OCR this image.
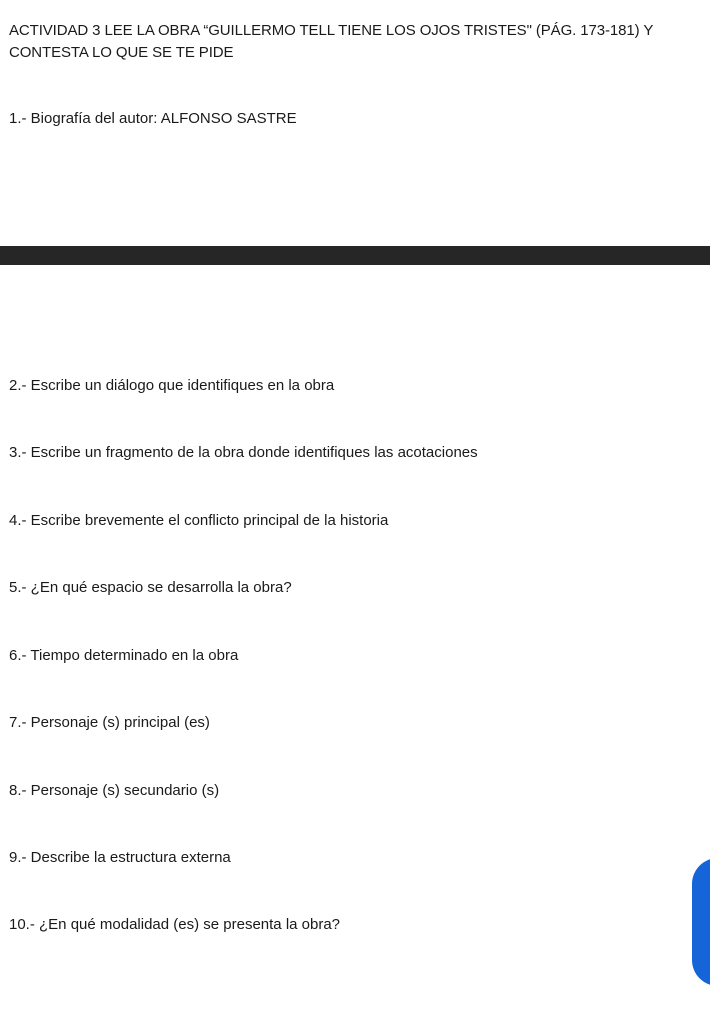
ACTIVIDAD 3 LEE LA OBRA “GUILLERMO TELL TIENE LOS OJOS TRISTES" (PÁG. 173-181) Y CONTESTA LO QUE SE TE PIDE
1.- Biografía del autor: ALFONSO SASTRE
2.- Escribe un diálogo que identifiques en la obra
3.- Escribe un fragmento de la obra donde identifiques las acotaciones
4.- Escribe brevemente el conflicto principal de la historia
5.- ¿En qué espacio se desarrolla la obra?
6.- Tiempo determinado en la obra
7.- Personaje (s) principal (es)
8.- Personaje (s) secundario (s)
9.- Describe la estructura externa
10.- ¿En qué modalidad (es) se presenta la obra?
